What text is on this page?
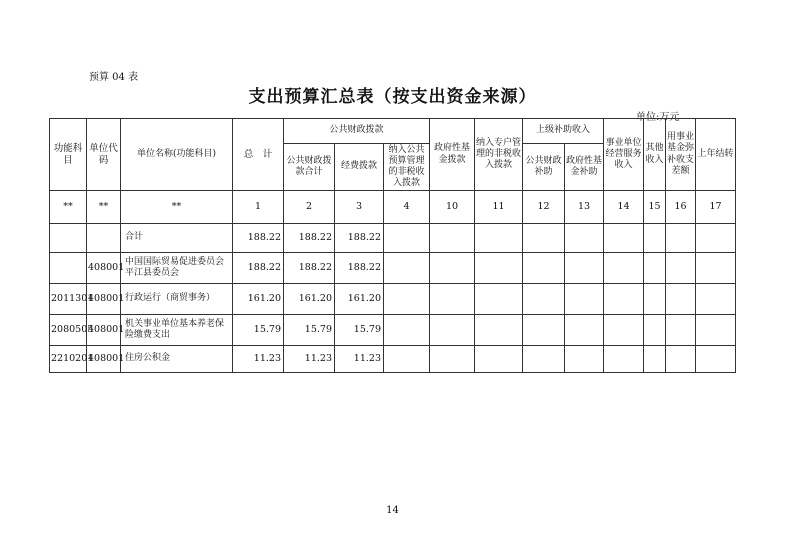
预算 04 表
支出预算汇总表（按支出资金来源）
单位:万元
功能科目	单位代码	单位名称(功能科目)	总　计	公共财政拨款			政府性基金拨款	纳入专户管理的非税收入拨款	上级补助收入		事业单位经营服务收入	其他收入	用事业基金弥补收支差额	上年结转
				公共财政拨款合计	经费拨款	纳入公共预算管理的非税收入拨款			公共财政补助	政府性基金补助				
**	**	**	1	2	3	4	10	11	12	13	14	15	16	17
		合计	188.22	188.22	188.22									
	408001	中国国际贸易促进委员会平江县委员会	188.22	188.22	188.22									
2011301	408001	行政运行（商贸事务）	161.20	161.20	161.20									
2080505	408001	机关事业单位基本养老保险缴费支出	15.79	15.79	15.79									
2210201	408001	住房公积金	11.23	11.23	11.23									
14
